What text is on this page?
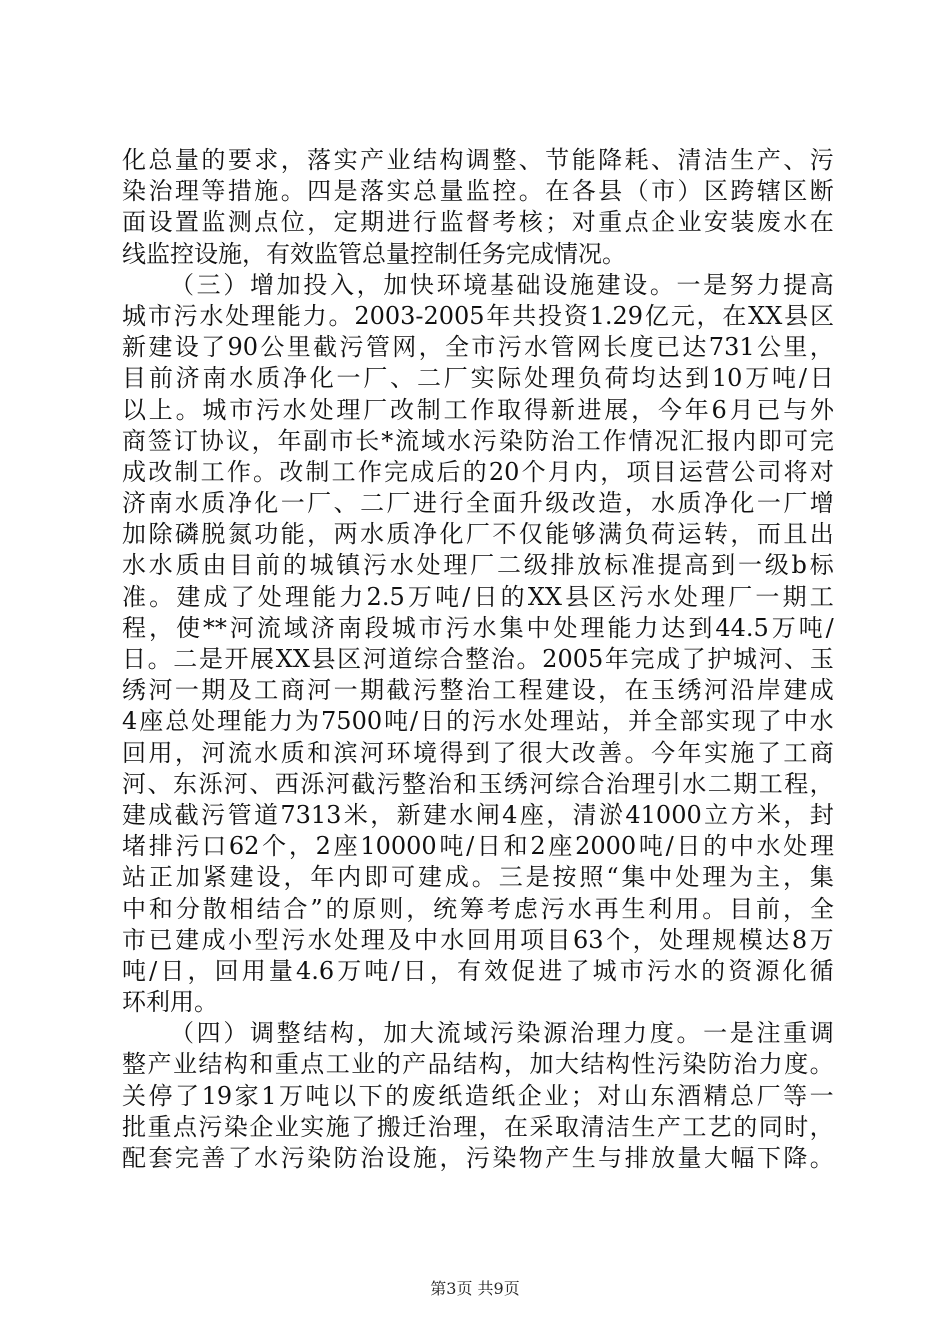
化 总 量 的 要 求 ， 落 实 产 业 结 构 调 整 、 节 能 降 耗 、 清 洁 生 产 、 污
染 治 理 等 措 施 。 四 是 落 实 总 量 监 控 。 在 各 县 （ 市 ） 区 跨 辖 区 断
面 设 置 监 测 点 位 ， 定 期 进 行 监 督 考 核 ； 对 重 点 企 业 安 装 废 水 在
线监控设施，有效监管总量控制任务完成情况。
（ 三 ） 增 加 投 入 ， 加 快 环 境 基 础 设 施 建 设 。 一 是 努 力 提 高
城 市 污 水 处 理 能 力 。 2003-2005 年 共 投 资 1.29 亿 元 ， 在 XX 县 区
新 建 设 了 90 公 里 截 污 管 网 ， 全 市 污 水 管 网 长 度 已 达 731 公 里 ，
目 前 济 南 水 质 净 化 一 厂 、 二 厂 实 际 处 理 负 荷 均 达 到 10 万 吨 / 日
以 上 。 城 市 污 水 处 理 厂 改 制 工 作 取 得 新 进 展 ， 今 年 6 月 已 与 外
商 签 订 协 议 ， 年 副 市 长 * 流 域 水 污 染 防 治 工 作 情 况 汇 报 内 即 可 完
成 改 制 工 作 。 改 制 工 作 完 成 后 的 20 个 月 内 ， 项 目 运 营 公 司 将 对
济 南 水 质 净 化 一 厂 、 二 厂 进 行 全 面 升 级 改 造 ， 水 质 净 化 一 厂 增
加 除 磷 脱 氮 功 能 ， 两 水 质 净 化 厂 不 仅 能 够 满 负 荷 运 转 ， 而 且 出
水 水 质 由 目 前 的 城 镇 污 水 处 理 厂 二 级 排 放 标 准 提 高 到 一 级 b 标
准 。 建 成 了 处 理 能 力 2.5 万 吨 / 日 的 XX 县 区 污 水 处 理 厂 一 期 工
程 ， 使 ** 河 流 域 济 南 段 城 市 污 水 集 中 处 理 能 力 达 到 44.5 万 吨 /
日 。 二 是 开 展 XX 县 区 河 道 综 合 整 治 。 2005 年 完 成 了 护 城 河 、 玉
绣 河 一 期 及 工 商 河 一 期 截 污 整 治 工 程 建 设 ， 在 玉 绣 河 沿 岸 建 成
4 座 总 处 理 能 力 为 7500 吨 / 日 的 污 水 处 理 站 ， 并 全 部 实 现 了 中 水
回 用 ， 河 流 水 质 和 滨 河 环 境 得 到 了 很 大 改 善 。 今 年 实 施 了 工 商
河 、 东 泺 河 、 西 泺 河 截 污 整 治 和 玉 绣 河 综 合 治 理 引 水 二 期 工 程 ，
建 成 截 污 管 道 7313 米 ， 新 建 水 闸 4 座 ， 清 淤 41000 立 方 米 ， 封
堵 排 污 口 62 个 ， 2 座 10000 吨 / 日 和 2 座 2000 吨 / 日 的 中 水 处 理
站 正 加 紧 建 设 ， 年 内 即 可 建 成 。 三 是 按 照 “ 集 中 处 理 为 主 ， 集
中 和 分 散 相 结 合 ” 的 原 则 ， 统 筹 考 虑 污 水 再 生 利 用 。 目 前 ， 全
市 已 建 成 小 型 污 水 处 理 及 中 水 回 用 项 目 63 个 ， 处 理 规 模 达 8 万
吨 / 日 ， 回 用 量 4.6 万 吨 / 日 ， 有 效 促 进 了 城 市 污 水 的 资 源 化 循
环利用。
（ 四 ） 调 整 结 构 ， 加 大 流 域 污 染 源 治 理 力 度 。 一 是 注 重 调
整 产 业 结 构 和 重 点 工 业 的 产 品 结 构 ， 加 大 结 构 性 污 染 防 治 力 度 。
关 停 了 19 家 1 万 吨 以 下 的 废 纸 造 纸 企 业 ； 对 山 东 酒 精 总 厂 等 一
批 重 点 污 染 企 业 实 施 了 搬 迁 治 理 ， 在 采 取 清 洁 生 产 工 艺 的 同 时 ，
配 套 完 善 了 水 污 染 防 治 设 施 ， 污 染 物 产 生 与 排 放 量 大 幅 下 降 。
第3页 共9页
